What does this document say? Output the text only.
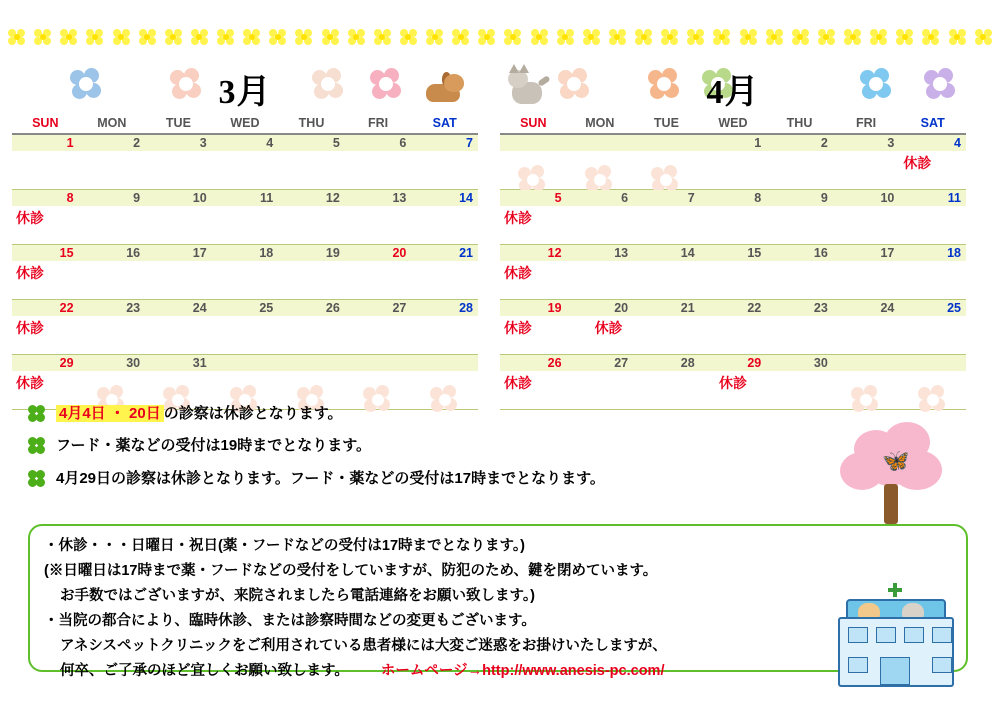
3月
SUN	MON	TUE	WED	THU	FRI	SAT

1	2	3	4	5	6	7

8	9	10	11	12	13	14

休診						

15	16	17	18	19	20	21

休診						

22	23	24	25	26	27	28

休診						

29	30	31				

休診						

4月
SUN	MON	TUE	WED	THU	FRI	SAT

			1	2	3	4

						休診

5	6	7	8	9	10	11

休診						

12	13	14	15	16	17	18

休診						

19	20	21	22	23	24	25

休診	休診					

26	27	28	29	30		

休診			休診			

4月4日 ・ 20日 の診察は休診となります。
フード・薬などの受付は19時までとなります。
4月29日の診察は休診となります。フード・薬などの受付は17時までとなります。
🦋

・休診・・・日曜日・祝日(薬・フードなどの受付は17時までとなります。)

(※日曜日は17時まで薬・フードなどの受付をしていますが、防犯のため、鍵を閉めています。

お手数ではございますが、来院されましたら電話連絡をお願い致します。)

・当院の都合により、臨時休診、または診察時間などの変更もございます。

アネシスペットクリニックをご利用されている患者様には大変ご迷惑をお掛けいたしますが、

何卒、ご了承のほど宜しくお願い致します。 ホームページ→http://www.anesis-pc.com/
